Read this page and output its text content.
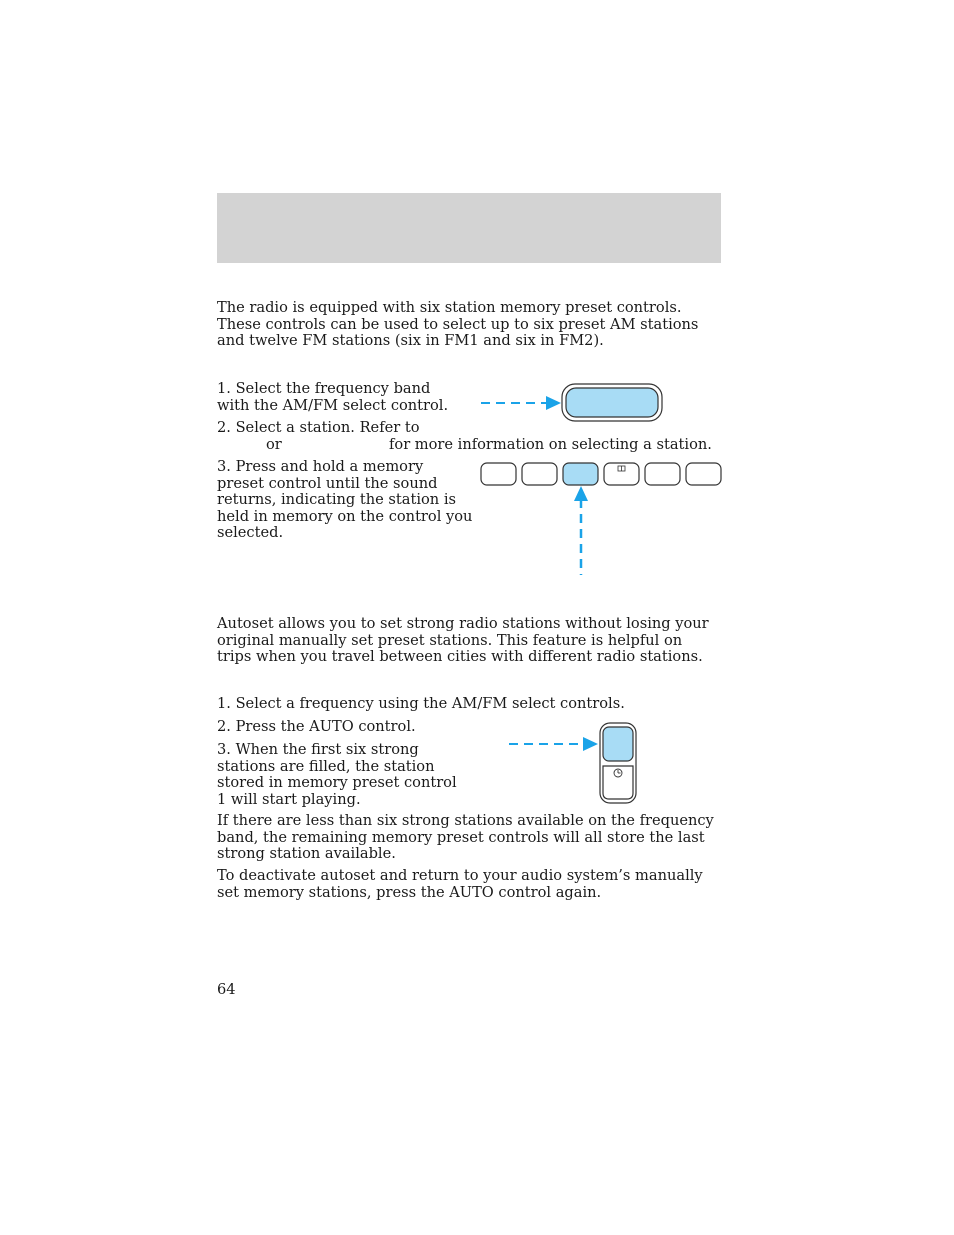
The radio is equipped with six station memory preset controls. These controls can be used to select up to six preset AM stations and twelve FM stations (six in FM1 and six in FM2).

1. Select the frequency band with the AM/FM select control.

2. Select a station. Refer to

or	for more information on selecting a station.

3. Press and hold a memory preset control until the sound returns, indicating the station is held in memory on the control you selected.

Autoset allows you to set strong radio stations without losing your original manually set preset stations. This feature is helpful on trips when you travel between cities with different radio stations.

1. Select a frequency using the AM/FM select controls.

2. Press the AUTO control.

3. When the first six strong stations are filled, the station stored in memory preset control 1 will start playing.

If there are less than six strong stations available on the frequency band, the remaining memory preset controls will all store the last strong station available.

To deactivate autoset and return to your audio system’s manually set memory stations, press the AUTO control again.

64
